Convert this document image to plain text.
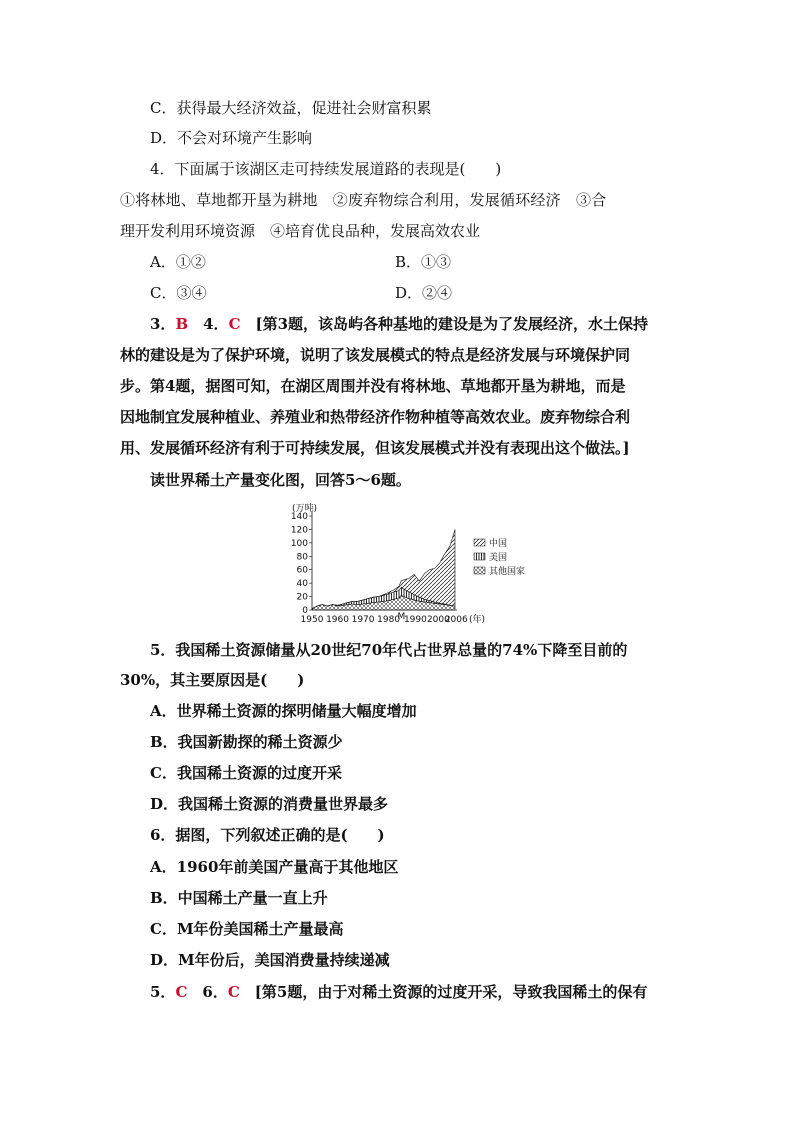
C．获得最大经济效益，促进社会财富积累
D．不会对环境产生影响
4．下面属于该湖区走可持续发展道路的表现是(　　)
①将林地、草地都开垦为耕地　②废弃物综合利用，发展循环经济　③合
理开发利用环境资源　④培育优良品种，发展高效农业
A．①②	B．①③
C．③④	D．②④
3．B　4．C　[第3题，该岛屿各种基地的建设是为了发展经济，水土保持
林的建设是为了保护环境，说明了该发展模式的特点是经济发展与环境保护同
步。第4题，据图可知，在湖区周围并没有将林地、草地都开垦为耕地，而是
因地制宜发展种植业、养殖业和热带经济作物种植等高效农业。废弃物综合利
用、发展循环经济有利于可持续发展，但该发展模式并没有表现出这个做法。]
读世界稀土产量变化图，回答5～6题。
0
20
40
60
80
100
120
140
(万吨)
1950 1960 1970 1980
M
1990 2000
2006 (年)
中国
美国
其他国家
5．我国稀土资源储量从20世纪70年代占世界总量的74%下降至目前的
30%，其主要原因是(　　)
A．世界稀土资源的探明储量大幅度增加
B．我国新勘探的稀土资源少
C．我国稀土资源的过度开采
D．我国稀土资源的消费量世界最多
6．据图，下列叙述正确的是(　　)
A．1960年前美国产量高于其他地区
B．中国稀土产量一直上升
C．M年份美国稀土产量最高
D．M年份后，美国消费量持续递减
5．C　6．C　[第5题，由于对稀土资源的过度开采，导致我国稀土的保有
